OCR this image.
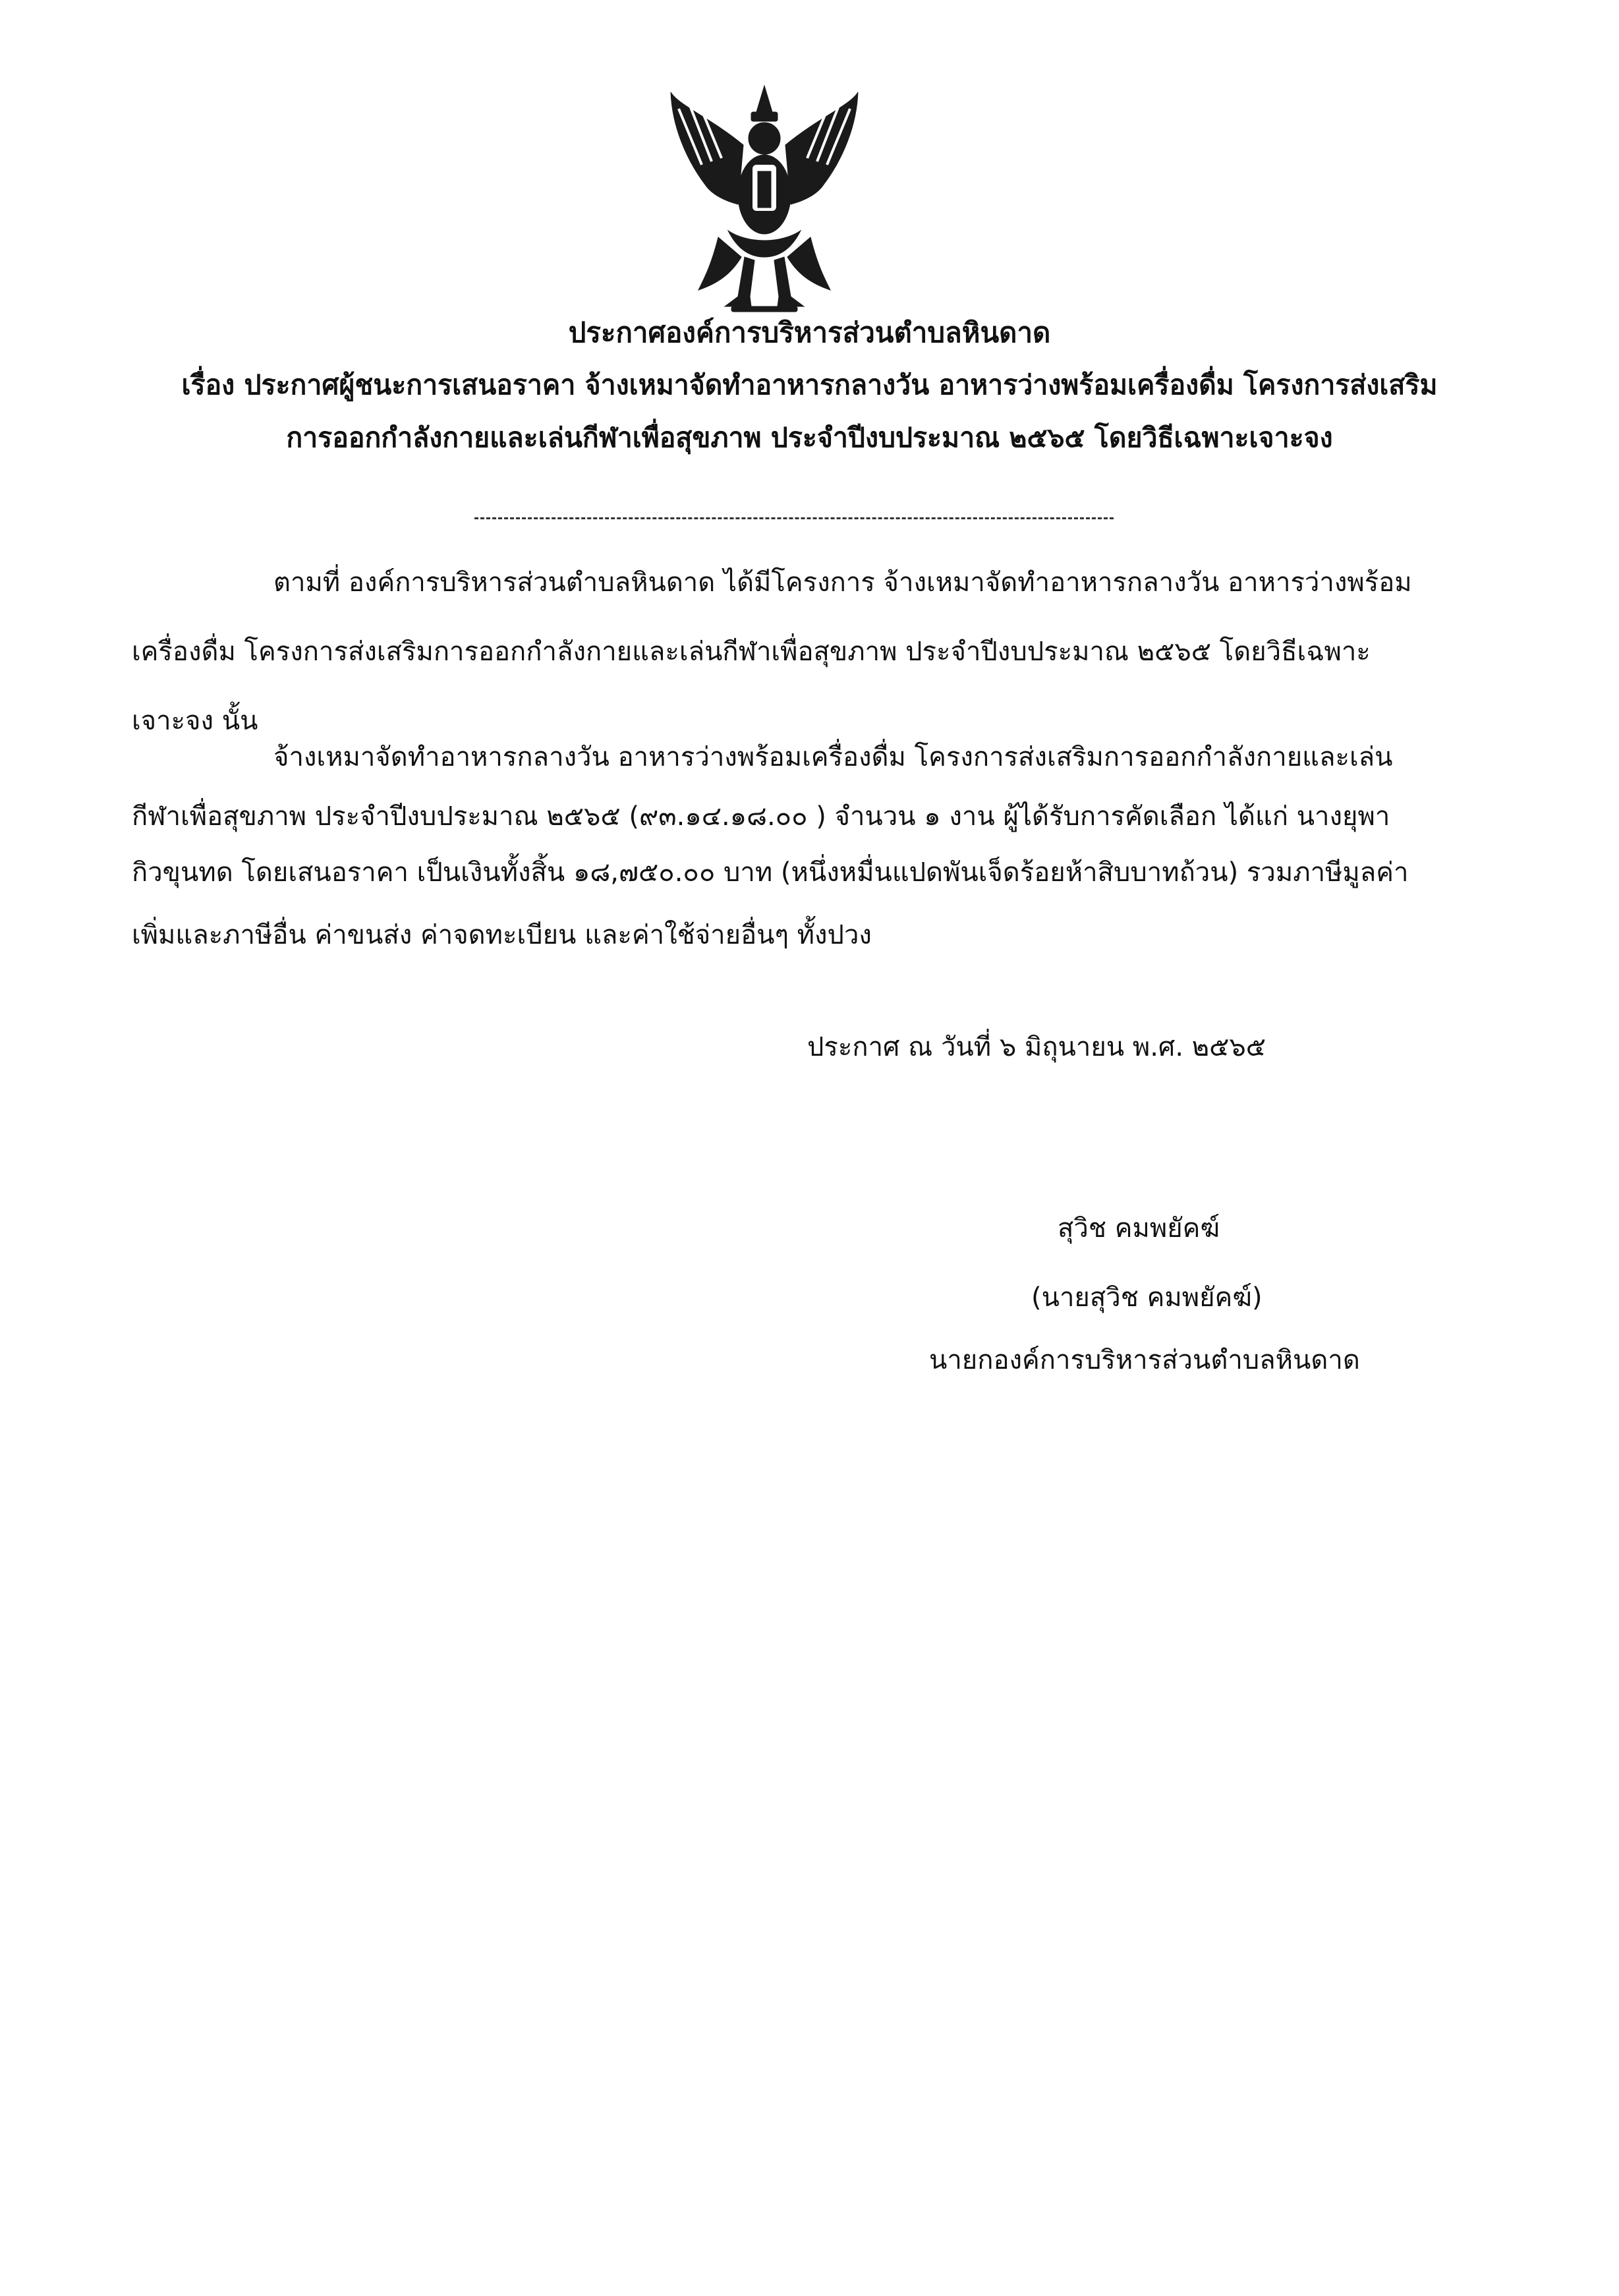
ประกาศองค์การบริหารส่วนตำบลหินดาด
เรื่อง ประกาศผู้ชนะการเสนอราคา จ้างเหมาจัดทำอาหารกลางวัน อาหารว่างพร้อมเครื่องดื่ม โครงการส่งเสริม
การออกกำลังกายและเล่นกีฬาเพื่อสุขภาพ ประจำปีงบประมาณ ๒๕๖๕ โดยวิธีเฉพาะเจาะจง
ตามที่ องค์การบริหารส่วนตำบลหินดาด ได้มีโครงการ จ้างเหมาจัดทำอาหารกลางวัน อาหารว่างพร้อม
เครื่องดื่ม โครงการส่งเสริมการออกกำลังกายและเล่นกีฬาเพื่อสุขภาพ ประจำปีงบประมาณ ๒๕๖๕ โดยวิธีเฉพาะ
เจาะจง นั้น
จ้างเหมาจัดทำอาหารกลางวัน อาหารว่างพร้อมเครื่องดื่ม โครงการส่งเสริมการออกกำลังกายและเล่น
กีฬาเพื่อสุขภาพ ประจำปีงบประมาณ ๒๕๖๕ (๙๓.๑๔.๑๘.๐๐ ) จำนวน ๑ งาน ผู้ได้รับการคัดเลือก ได้แก่ นางยุพา
กิวขุนทด โดยเสนอราคา เป็นเงินทั้งสิ้น ๑๘,๗๕๐.๐๐ บาท (หนึ่งหมื่นแปดพันเจ็ดร้อยห้าสิบบาทถ้วน) รวมภาษีมูลค่า
เพิ่มและภาษีอื่น ค่าขนส่ง ค่าจดทะเบียน และค่าใช้จ่ายอื่นๆ ทั้งปวง
ประกาศ ณ วันที่ ๖ มิถุนายน พ.ศ. ๒๕๖๕
สุวิช คมพยัคฆ์
(นายสุวิช คมพยัคฆ์)
นายกองค์การบริหารส่วนตำบลหินดาด
